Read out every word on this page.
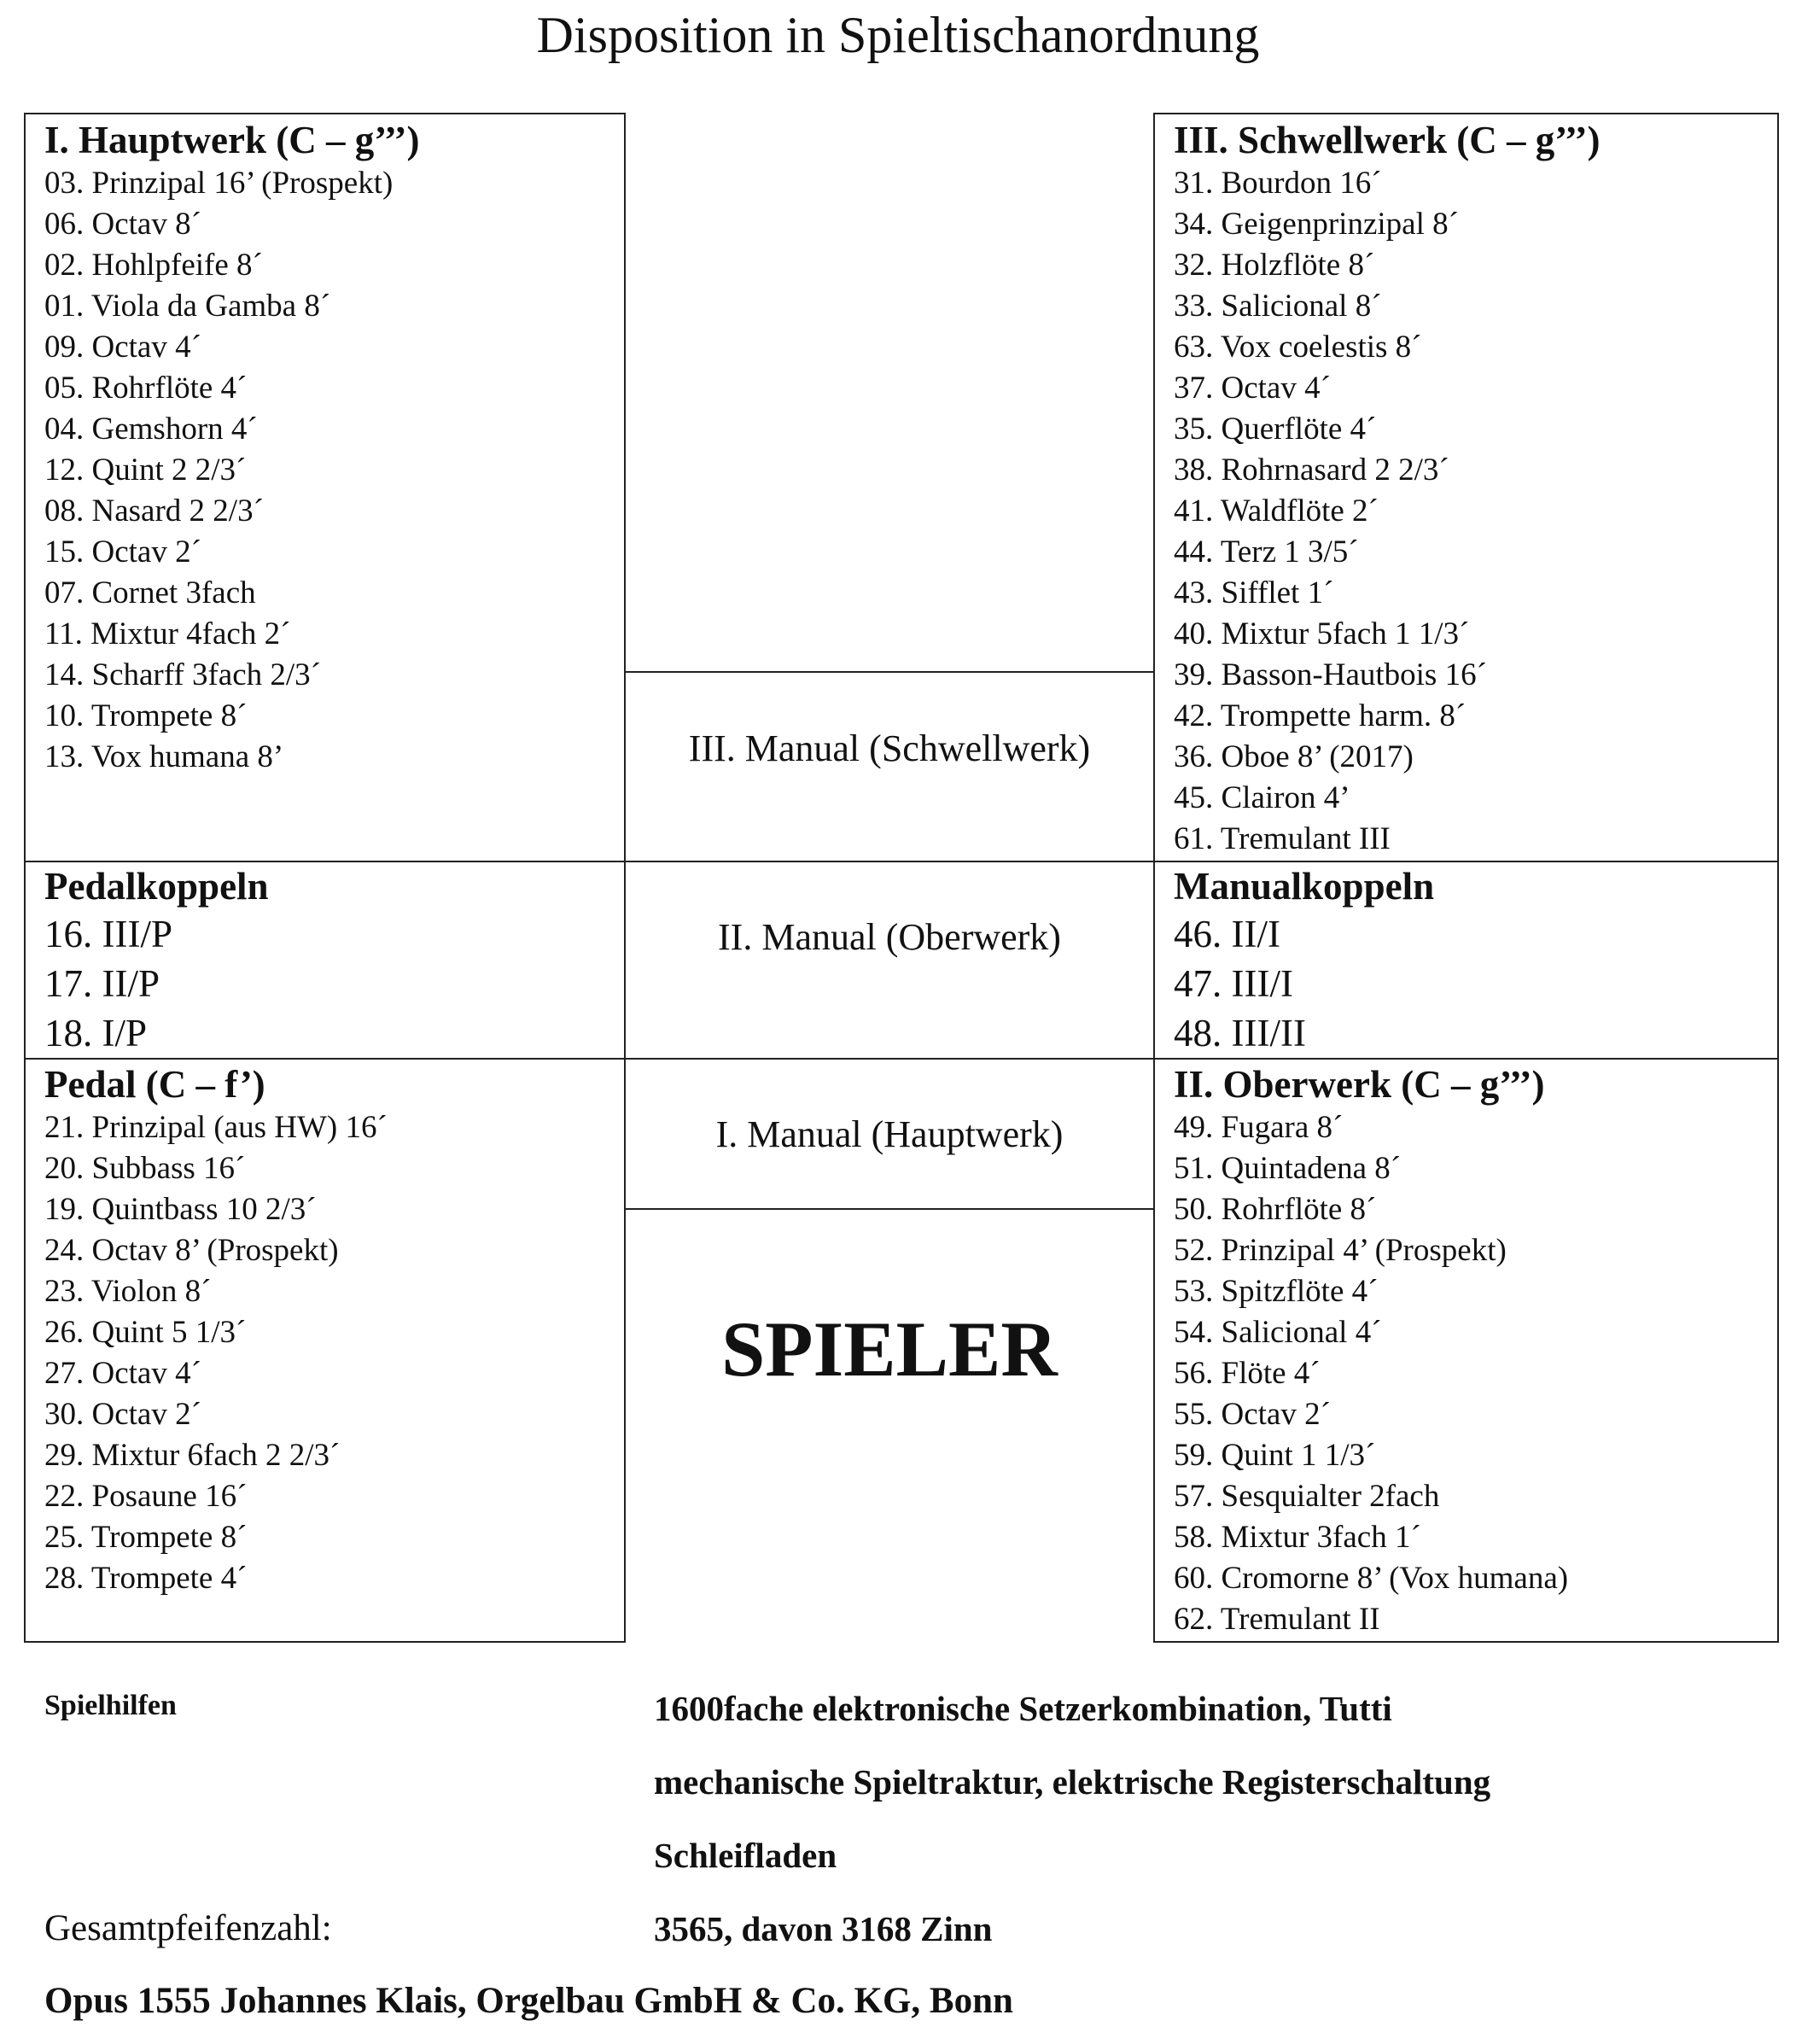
Disposition in Spieltischanordnung
I. Hauptwerk (C – g’’’)
03. Prinzipal 16’ (Prospekt)
06. Octav 8´
02. Hohlpfeife 8´
01. Viola da Gamba 8´
09. Octav 4´
05. Rohrflöte 4´
04. Gemshorn 4´
12. Quint 2 2/3´
08. Nasard 2 2/3´
15. Octav 2´
07. Cornet 3fach
11. Mixtur 4fach 2´
14. Scharff 3fach 2/3´
10. Trompete 8´
13. Vox humana 8’
III. Schwellwerk (C – g’’’)
31. Bourdon 16´
34. Geigenprinzipal 8´
32. Holzflöte 8´
33. Salicional 8´
63. Vox coelestis 8´
37. Octav 4´
35. Querflöte 4´
38. Rohrnasard 2 2/3´
41. Waldflöte 2´
44. Terz 1 3/5´
43. Sifflet 1´
40. Mixtur 5fach 1 1/3´
39. Basson-Hautbois 16´
42. Trompette harm. 8´
36. Oboe 8’ (2017)
45. Clairon 4’
61. Tremulant III
Pedalkoppeln
16. III/P
17. II/P
18. I/P
Manualkoppeln
46. II/I
47. III/I
48. III/II
Pedal (C – f’)
21. Prinzipal (aus HW) 16´
20. Subbass 16´
19. Quintbass 10 2/3´
24. Octav 8’ (Prospekt)
23. Violon 8´
26. Quint 5 1/3´
27. Octav 4´
30. Octav 2´
29. Mixtur 6fach 2 2/3´
22. Posaune 16´
25. Trompete 8´
28. Trompete 4´
II. Oberwerk (C – g’’’)
49. Fugara 8´
51. Quintadena 8´
50. Rohrflöte 8´
52. Prinzipal 4’ (Prospekt)
53. Spitzflöte 4´
54. Salicional 4´
56. Flöte 4´
55. Octav 2´
59. Quint 1 1/3´
57. Sesquialter 2fach
58. Mixtur 3fach 1´
60. Cromorne 8’ (Vox humana)
62. Tremulant II
III. Manual (Schwellwerk)
II. Manual (Oberwerk)
I. Manual (Hauptwerk)
SPIELER
Spielhilfen	1600fache elektronische Setzerkombination, Tutti
mechanische Spieltraktur, elektrische Registerschaltung
Schleifladen
Gesamtpfeifenzahl:	3565, davon 3168 Zinn
Opus 1555 Johannes Klais, Orgelbau GmbH & Co. KG, Bonn
